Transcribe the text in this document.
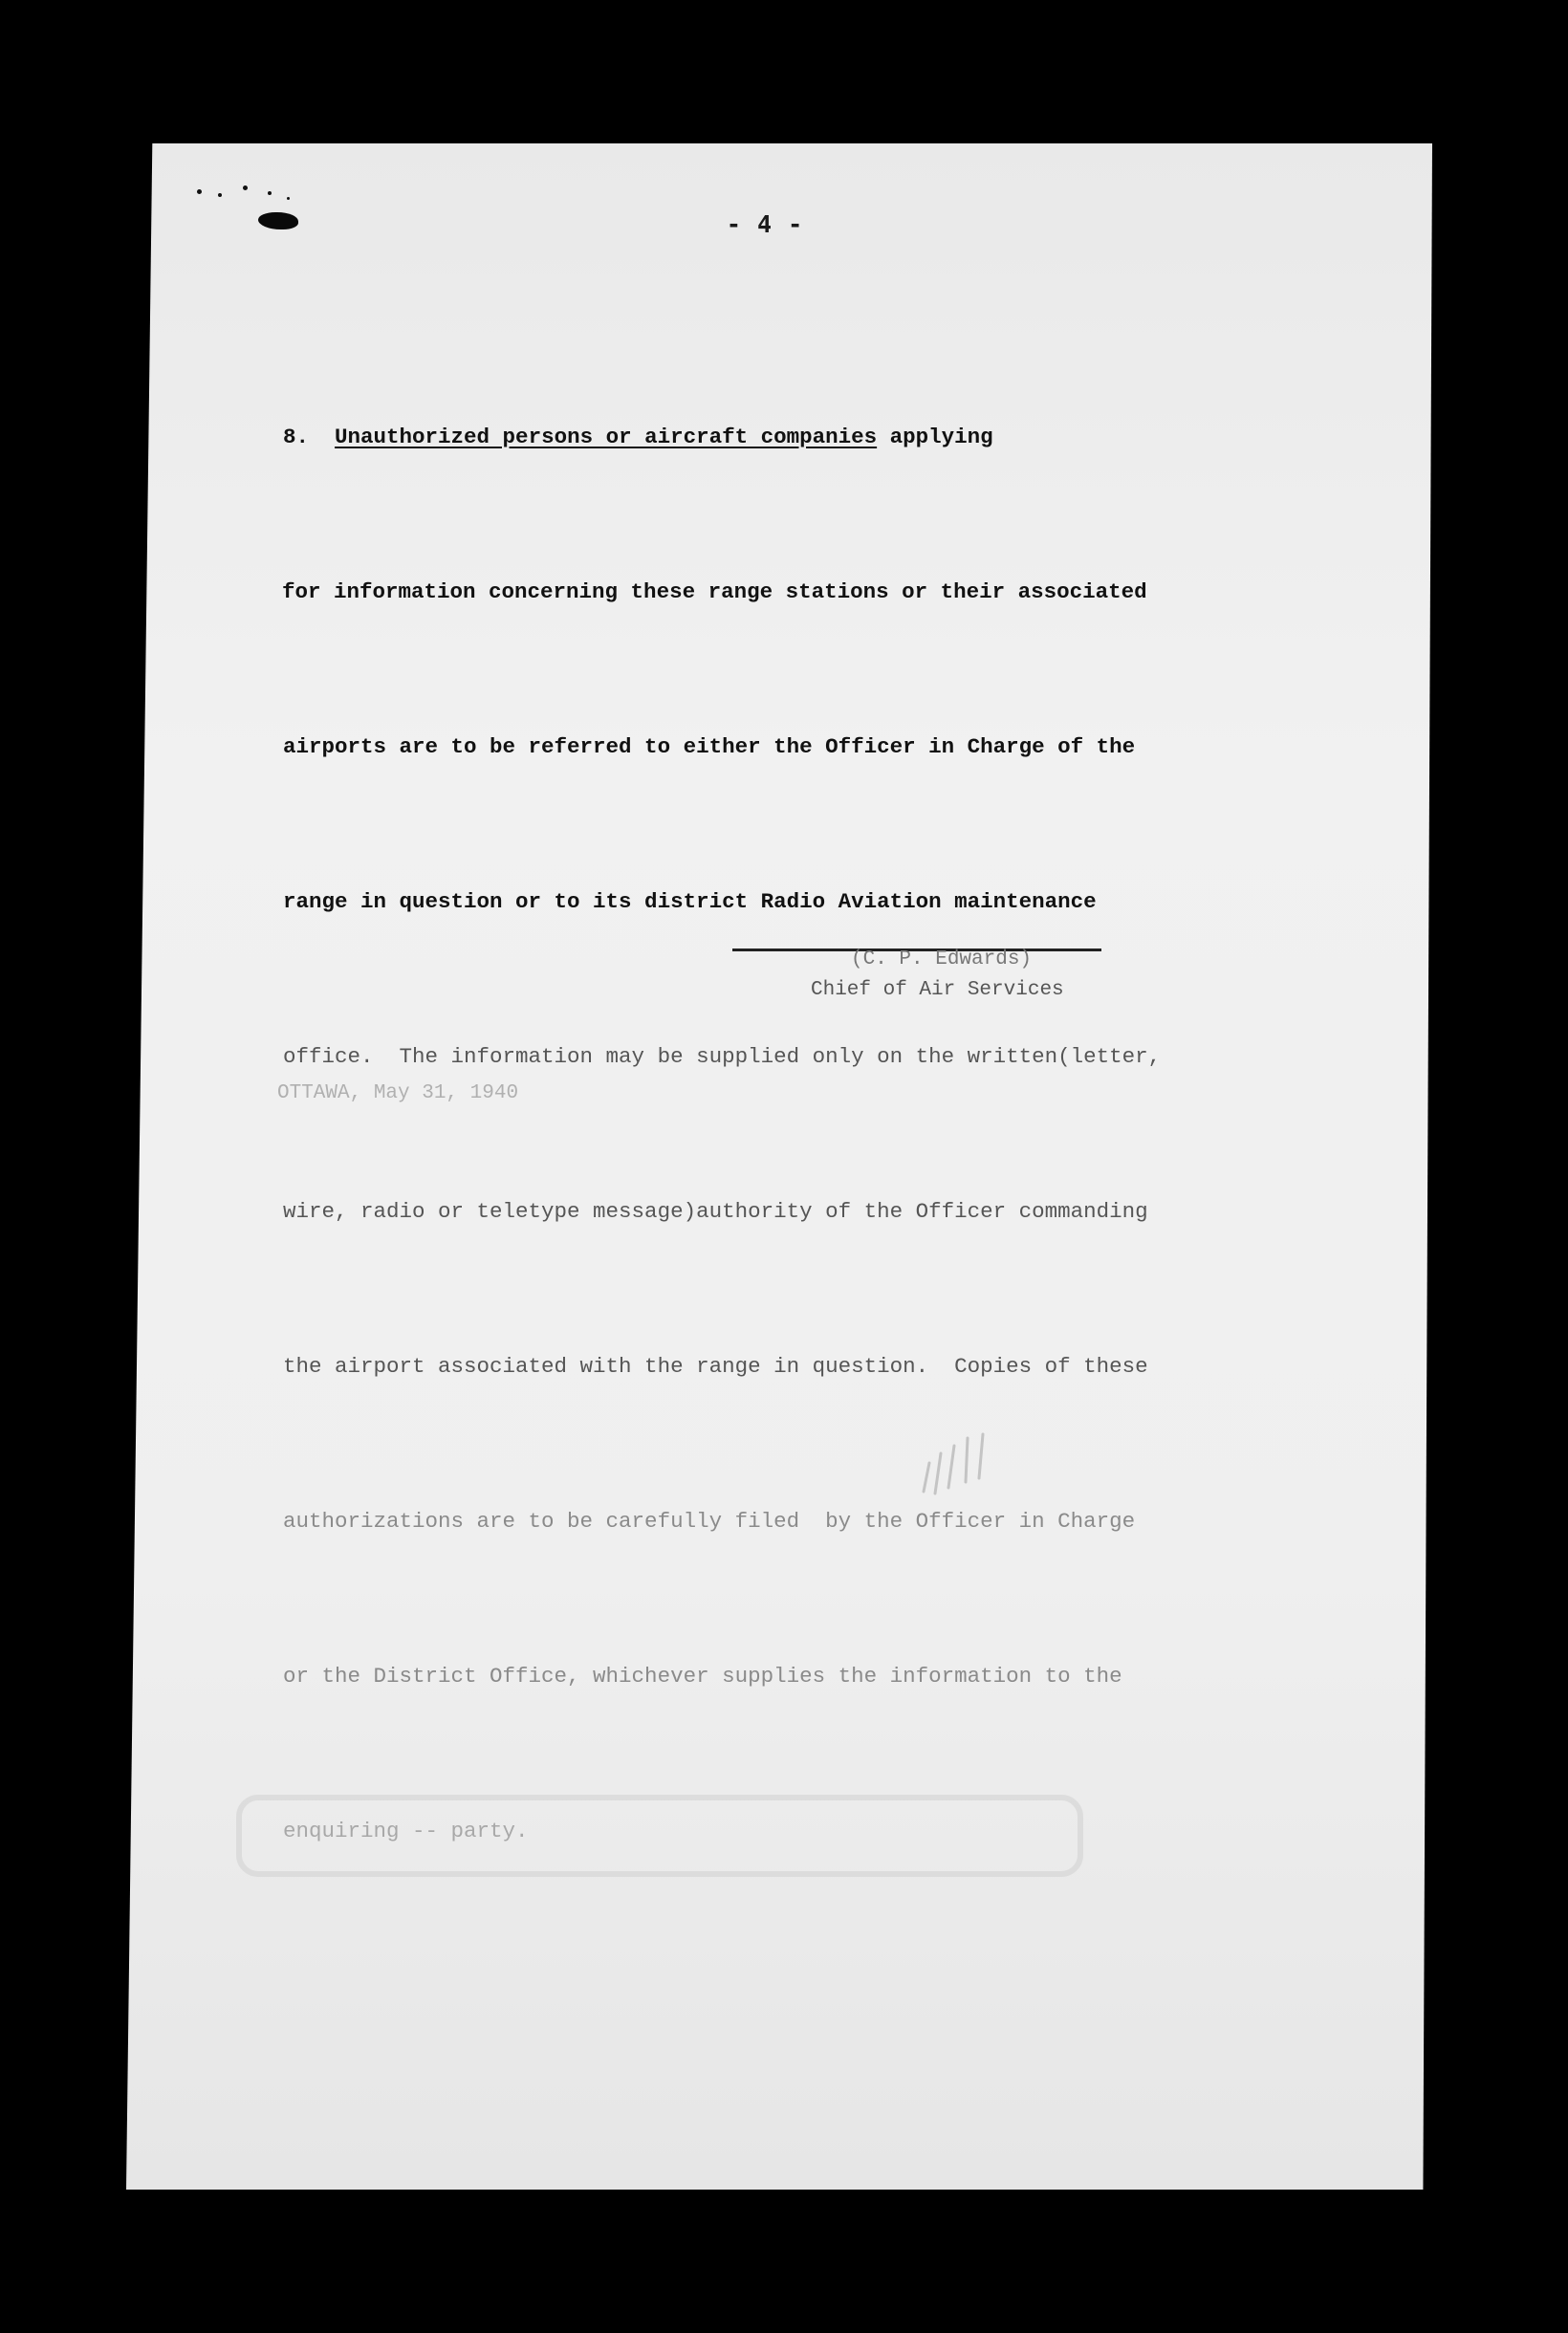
- 4 -

8. Unauthorized persons or aircraft companies applying

for information concerning these range stations or their associated

airports are to be referred to either the Officer in Charge of the

range in question or to its district Radio Aviation maintenance

office.  The information may be supplied only on the written(letter,

wire, radio or teletype message)authority of the Officer commanding

the airport associated with the range in question.  Copies of these

authorizations are to be carefully filed  by the Officer in Charge

or the District Office, whichever supplies the information to the

enquiring -- party.

(C. P. Edwards)
Chief of Air Services
OTTAWA, May 31, 1940
